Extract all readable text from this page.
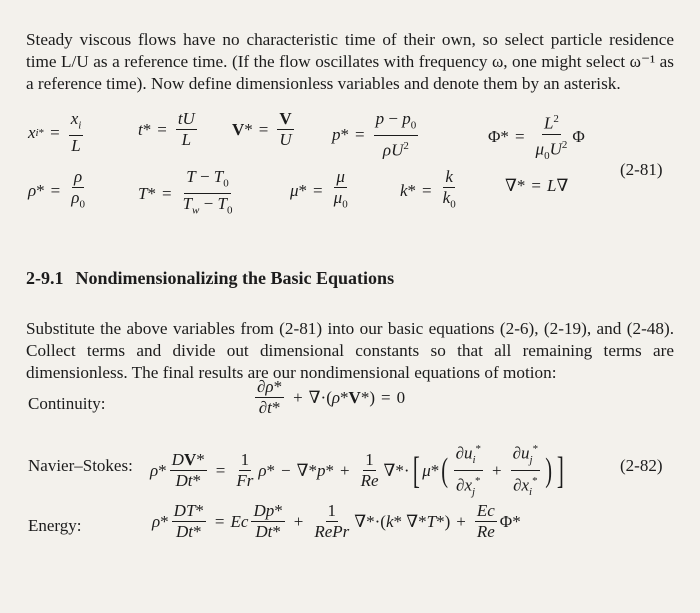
Steady viscous flows have no characteristic time of their own, so select particle residence time L/U as a reference time. (If the flow oscillates with frequency ω, one might select ω⁻¹ as a reference time). Now define dimensionless variables and denote them by an asterisk.

x i * = $\frac{x_i}{L}$	t * = $\frac{tU}{L}$ V * = $\frac{V}{U}$ p * = $\frac{p - p_0}{\rho U^2}$	$\Phi* = \frac{L^2}{\mu_0U^2}$ Φ
(2-81)
ρ * = $\frac{\rho}{\rho_0}$	T * = $\frac{T - T_0}{T_w - T_0}$	μ * = $\frac{\mu}{\mu_0}$	k * = $\frac{k}{k_0}$	∇* = L ∇
2-9.1 Nondimensionalizing the Basic Equations

Substitute the above variables from (2-81) into our basic equations (2-6), (2-19), and (2-48). Collect terms and divide out dimensional constants so that all remaining terms are dimensionless. The final results are our nondimensional equations of motion:

Continuity:	$\frac{\partial\rho*}{\partial t*}$ + ∇·( ρ * V *) = 0
Navier–Stokes: $\rho * \frac{DV*}{Dt*} = \frac{1}{Fr}$ ρ * − ∇* p * + $\frac{1}{Re}$ ∇*· [ μ * ( $\frac{\partial u_i^*}{\partial x_j^*} + \frac{\partial u_j^*}{\partial x_i^*}$ ) ]	(2-82)
Energy:	$\rho * \frac{DT*}{Dt*} = Ec \frac{Dp*}{Dt*} + \frac{1}{\text{RePr}}$ ∇*·( k * ∇* T *) + $\frac{Ec}{Re} \Phi*$
